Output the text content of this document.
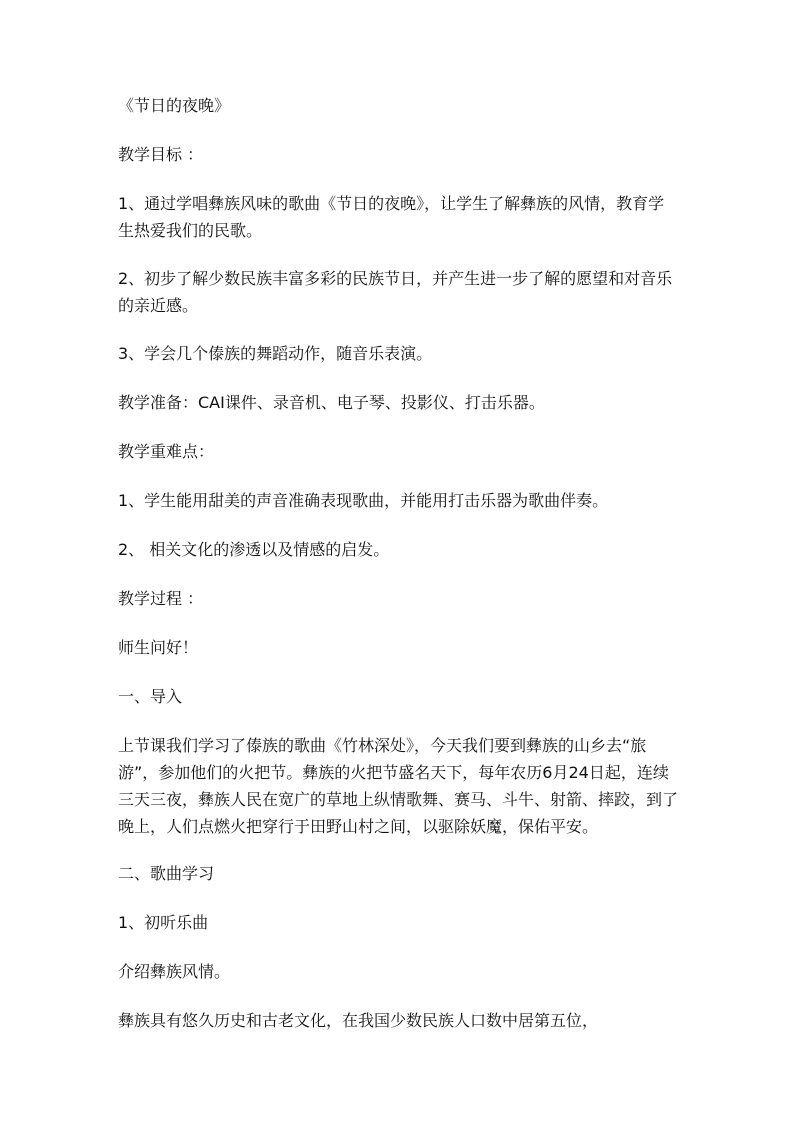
《节日的夜晚》

教学目标 ：

1、通过学唱彝族风味的歌曲《节日的夜晚》，让学生了解彝族的风情，教育学生热爱我们的民歌。

2、初步了解少数民族丰富多彩的民族节日，并产生进一步了解的愿望和对音乐的亲近感。

3、学会几个傣族的舞蹈动作，随音乐表演。

教学准备：CAI课件、录音机、电子琴、投影仪、打击乐器。

教学重难点：

1、学生能用甜美的声音准确表现歌曲，并能用打击乐器为歌曲伴奏。

2、 相关文化的渗透以及情感的启发。

教学过程 ：

师生问好！

一、导入

上节课我们学习了傣族的歌曲《竹林深处》，今天我们要到彝族的山乡去“旅游”，参加他们的火把节。彝族的火把节盛名天下，每年农历6月24日起，连续三天三夜，彝族人民在宽广的草地上纵情歌舞、赛马、斗牛、射箭、摔跤，到了晚上，人们点燃火把穿行于田野山村之间，以驱除妖魔，保佑平安。

二、歌曲学习

1、初听乐曲

介绍彝族风情。

彝族具有悠久历史和古老文化，在我国少数民族人口数中居第五位，
